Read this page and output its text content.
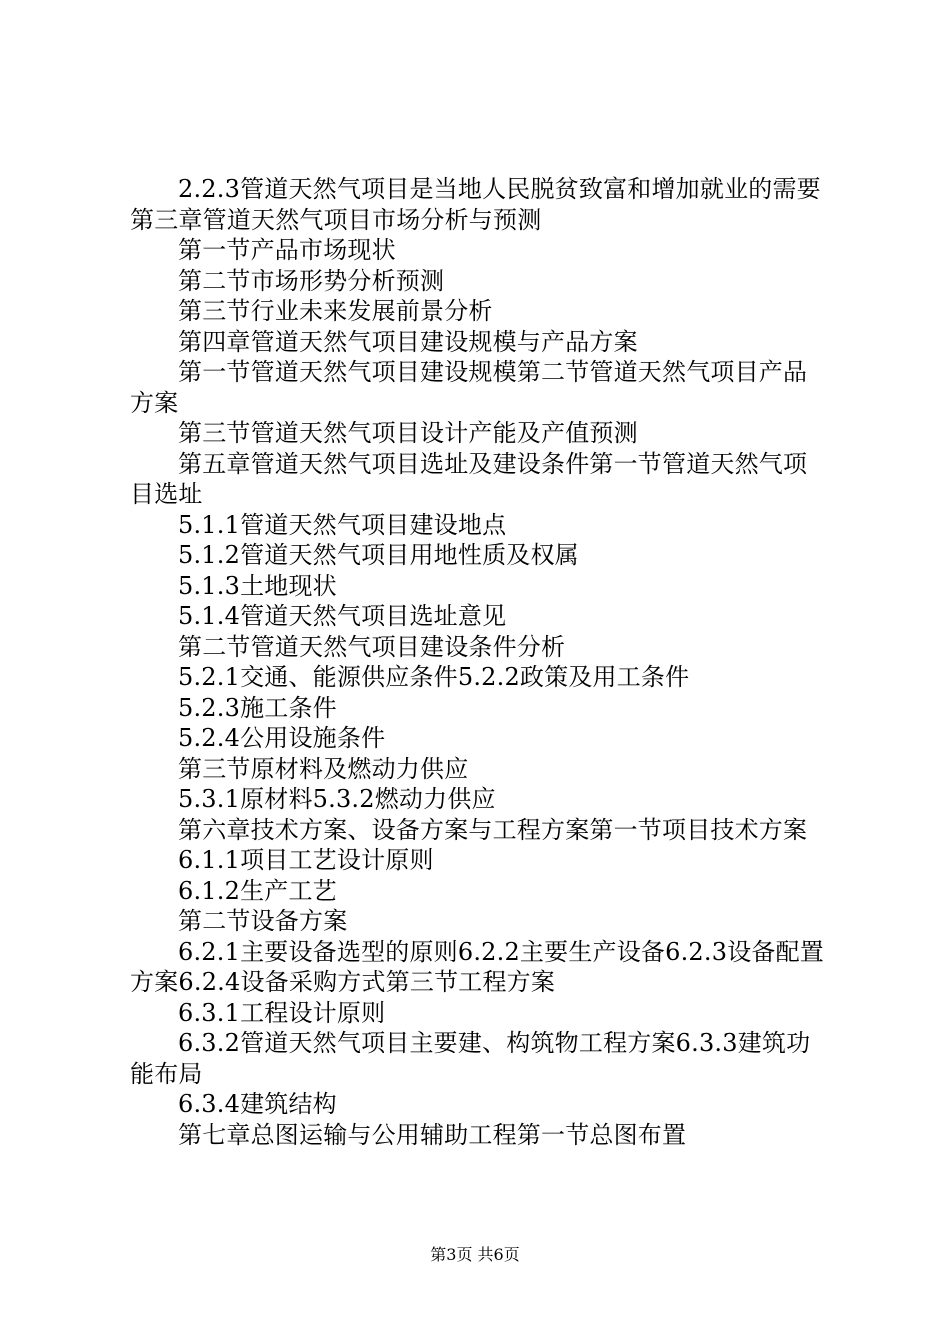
2.2.3管道天然气项目是当地人民脱贫致富和增加就业的需要第三章管道天然气项目市场分析与预测

第一节产品市场现状

第二节市场形势分析预测

第三节行业未来发展前景分析

第四章管道天然气项目建设规模与产品方案

第一节管道天然气项目建设规模第二节管道天然气项目产品方案

第三节管道天然气项目设计产能及产值预测

第五章管道天然气项目选址及建设条件第一节管道天然气项目选址

5.1.1管道天然气项目建设地点

5.1.2管道天然气项目用地性质及权属

5.1.3土地现状

5.1.4管道天然气项目选址意见

第二节管道天然气项目建设条件分析

5.2.1交通、能源供应条件5.2.2政策及用工条件

5.2.3施工条件

5.2.4公用设施条件

第三节原材料及燃动力供应

5.3.1原材料5.3.2燃动力供应

第六章技术方案、设备方案与工程方案第一节项目技术方案

6.1.1项目工艺设计原则

6.1.2生产工艺

第二节设备方案

6.2.1主要设备选型的原则6.2.2主要生产设备6.2.3设备配置方案6.2.4设备采购方式第三节工程方案

6.3.1工程设计原则

6.3.2管道天然气项目主要建、构筑物工程方案6.3.3建筑功能布局

6.3.4建筑结构

第七章总图运输与公用辅助工程第一节总图布置

第3页 共6页
